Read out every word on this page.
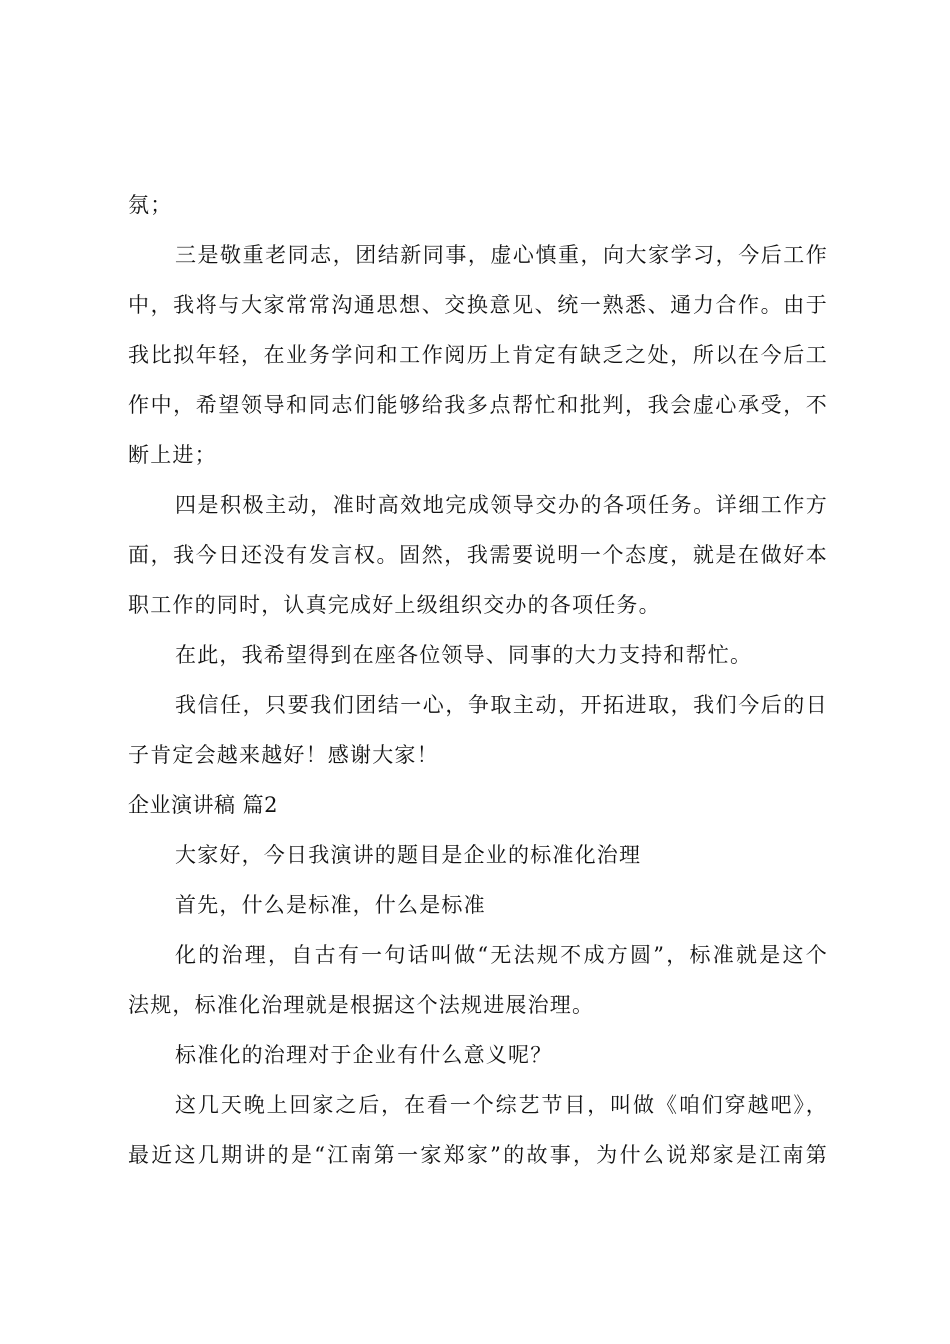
氛；
三是敬重老同志，团结新同事，虚心慎重，向大家学习，今后工作
中，我将与大家常常沟通思想、交换意见、统一熟悉、通力合作。由于
我比拟年轻，在业务学问和工作阅历上肯定有缺乏之处，所以在今后工
作中，希望领导和同志们能够给我多点帮忙和批判，我会虚心承受，不
断上进；
四是积极主动，准时高效地完成领导交办的各项任务。详细工作方
面，我今日还没有发言权。固然，我需要说明一个态度，就是在做好本
职工作的同时，认真完成好上级组织交办的各项任务。
在此，我希望得到在座各位领导、同事的大力支持和帮忙。
我信任，只要我们团结一心，争取主动，开拓进取，我们今后的日
子肯定会越来越好！感谢大家！
企业演讲稿 篇2
大家好，今日我演讲的题目是企业的标准化治理
首先，什么是标准，什么是标准
化的治理，自古有一句话叫做“无法规不成方圆”，标准就是这个
法规，标准化治理就是根据这个法规进展治理。
标准化的治理对于企业有什么意义呢？
这几天晚上回家之后，在看一个综艺节目，叫做《咱们穿越吧》，
最近这几期讲的是“江南第一家郑家”的故事，为什么说郑家是江南第
